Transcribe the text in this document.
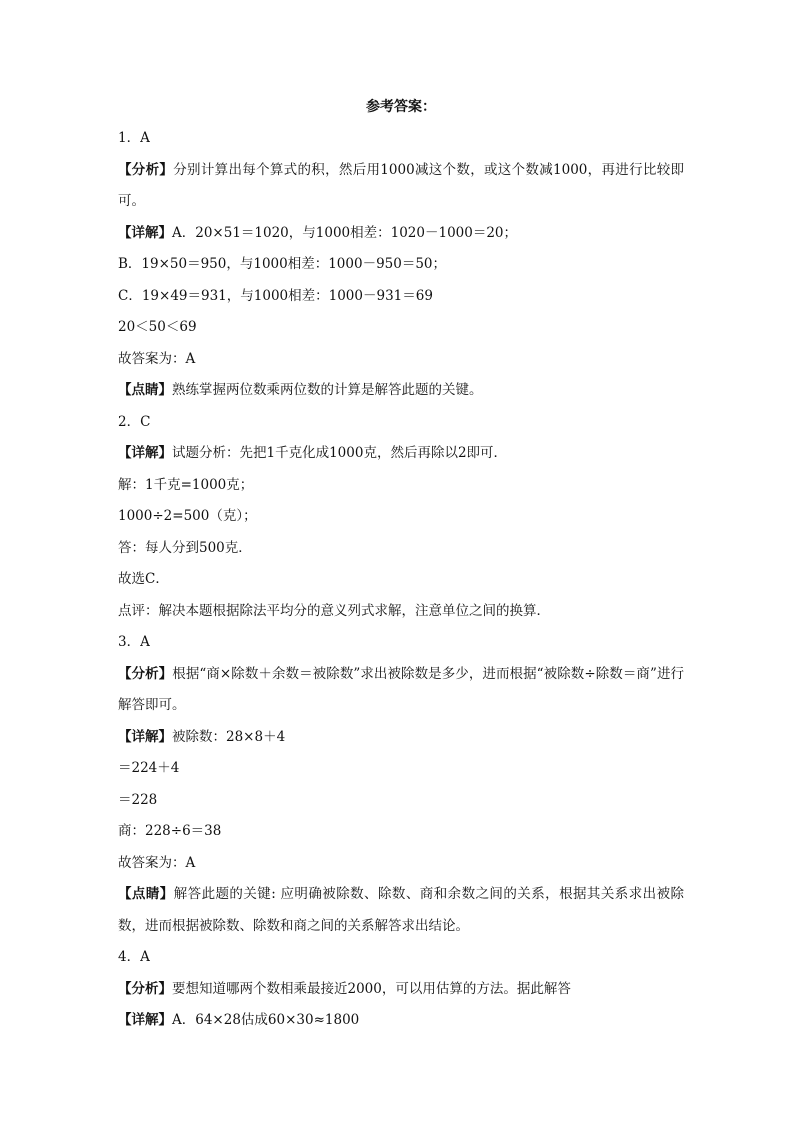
参考答案：
1．A
【分析】分别计算出每个算式的积，然后用1000减这个数，或这个数减1000，再进行比较即可。
【详解】A．20×51＝1020，与1000相差：1020－1000＝20；
B．19×50＝950，与1000相差：1000－950＝50；
C．19×49＝931，与1000相差：1000－931＝69
20＜50＜69
故答案为：A
【点睛】熟练掌握两位数乘两位数的计算是解答此题的关键。
2．C
【详解】试题分析：先把1千克化成1000克，然后再除以2即可．
解：1千克=1000克；
1000÷2=500（克）；
答：每人分到500克．
故选C．
点评：解决本题根据除法平均分的意义列式求解，注意单位之间的换算．
3．A
【分析】根据“商×除数＋余数＝被除数”求出被除数是多少，进而根据“被除数÷除数＝商”进行解答即可。
【详解】被除数：28×8＋4
＝224＋4
＝228
商：228÷6＝38
故答案为：A
【点睛】解答此题的关键: 应明确被除数、除数、商和余数之间的关系，根据其关系求出被除数，进而根据被除数、除数和商之间的关系解答求出结论。
4．A
【分析】要想知道哪两个数相乘最接近2000，可以用估算的方法。据此解答
【详解】A．64×28估成60×30≈1800
